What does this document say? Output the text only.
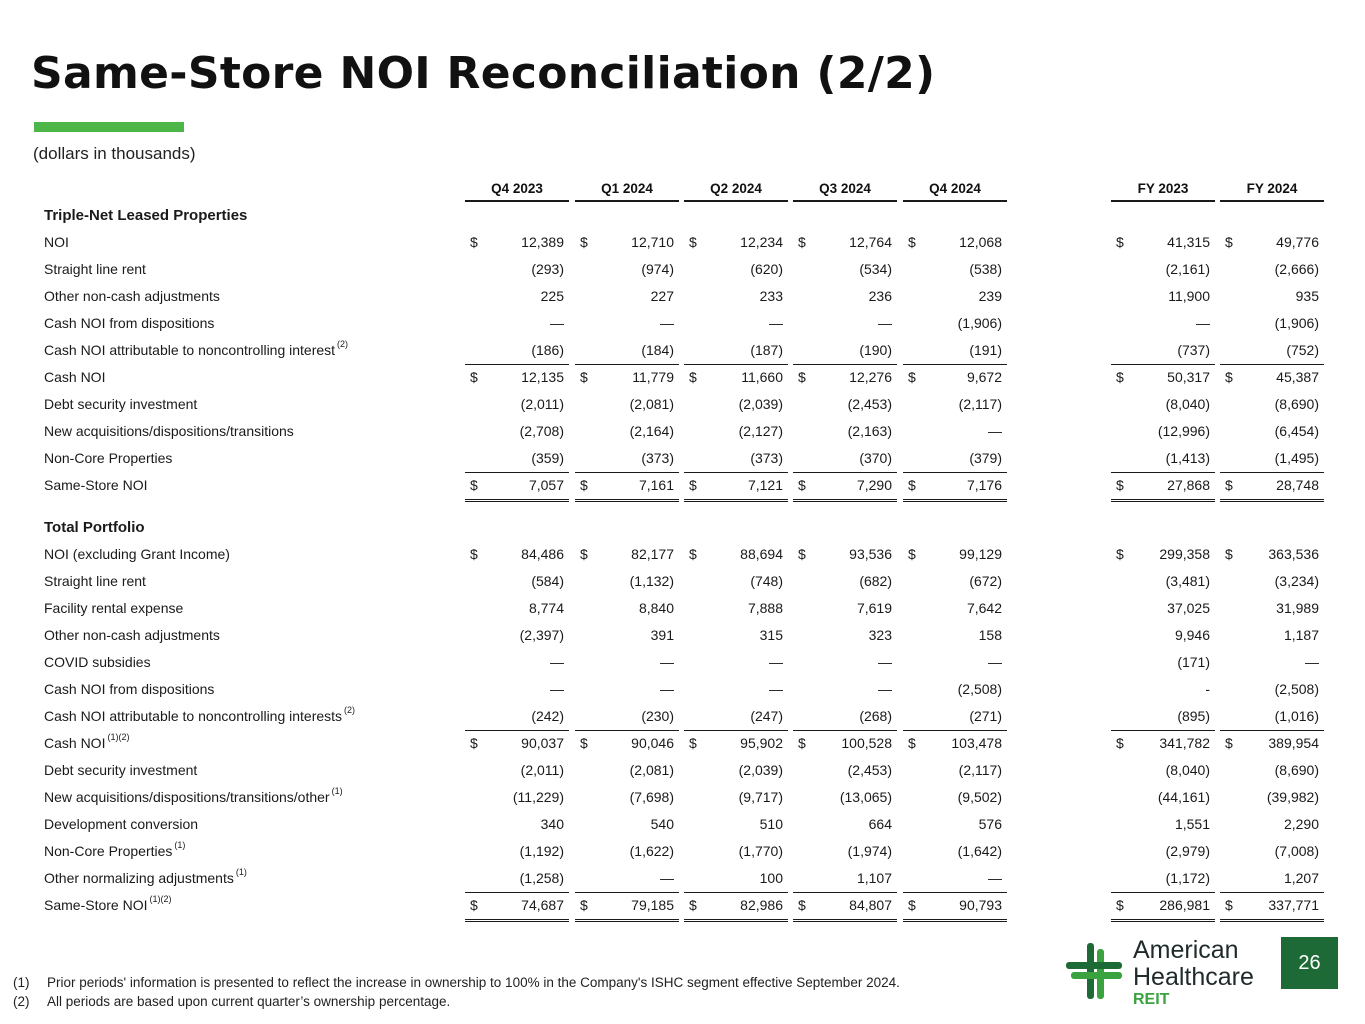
Same-Store NOI Reconciliation (2/2)
(dollars in thousands)
Q4 2023	Q1 2024	Q2 2024	Q3 2024	Q4 2024	FY 2023	FY 2024
Triple-Net Leased Properties
NOI	$	12,389 $	12,710 $	12,234 $	12,764 $	12,068	$	41,315 $	49,776
Straight line rent	(293)	(974)	(620)	(534)	(538)	(2,161)	(2,666)
Other non-cash adjustments	225	227	233	236	239	11,900	935
Cash NOI from dispositions	—	—	—	—	(1,906)	—	(1,906)
Cash NOI attributable to noncontrolling interest $^{(2)}$	(186)	(184)	(187)	(190)	(191)	(737)	(752)
Cash NOI	$	12,135 $	11,779 $	11,660 $	12,276 $	9,672	$	50,317 $	45,387
Debt security investment	(2,011)	(2,081)	(2,039)	(2,453)	(2,117)	(8,040)	(8,690)
New acquisitions/dispositions/transitions	(2,708)	(2,164)	(2,127)	(2,163)	—	(12,996)	(6,454)
Non-Core Properties	(359)	(373)	(373)	(370)	(379)	(1,413)	(1,495)
Same-Store NOI	$	7,057 $	7,161 $	7,121 $	7,290 $	7,176	$	27,868 $	28,748
Total Portfolio
NOI (excluding Grant Income)	$	84,486 $	82,177 $	88,694 $	93,536 $	99,129	$	299,358 $	363,536
Straight line rent	(584)	(1,132)	(748)	(682)	(672)	(3,481)	(3,234)
Facility rental expense	8,774	8,840	7,888	7,619	7,642	37,025	31,989
Other non-cash adjustments	(2,397)	391	315	323	158	9,946	1,187
COVID subsidies	—	—	—	—	—	(171)	—
Cash NOI from dispositions	—	—	—	—	(2,508)	-	(2,508)
Cash NOI attributable to noncontrolling interests $^{(2)}$	(242)	(230)	(247)	(268)	(271)	(895)	(1,016)
Cash NOI $^{(1)(2)}$	$	90,037 $	90,046 $	95,902 $	100,528 $	103,478	$	341,782 $	389,954
Debt security investment	(2,011)	(2,081)	(2,039)	(2,453)	(2,117)	(8,040)	(8,690)
New acquisitions/dispositions/transitions/other $^{(1)}$	(11,229)	(7,698)	(9,717)	(13,065)	(9,502)	(44,161)	(39,982)
Development conversion	340	540	510	664	576	1,551	2,290
Non-Core Properties $^{(1)}$	(1,192)	(1,622)	(1,770)	(1,974)	(1,642)	(2,979)	(7,008)
Other normalizing adjustments $^{(1)}$	(1,258)	—	100	1,107	—	(1,172)	1,207
Same-Store NOI $^{(1)(2)}$	$	74,687 $	79,185 $	82,986 $	84,807 $	90,793	$	286,981 $	337,771
(1) Prior periods' information is presented to reflect the increase in ownership to 100% in the Company's ISHC segment effective September 2024.
(2) All periods are based upon current quarter’s ownership percentage.
American
Healthcare
REIT
26
